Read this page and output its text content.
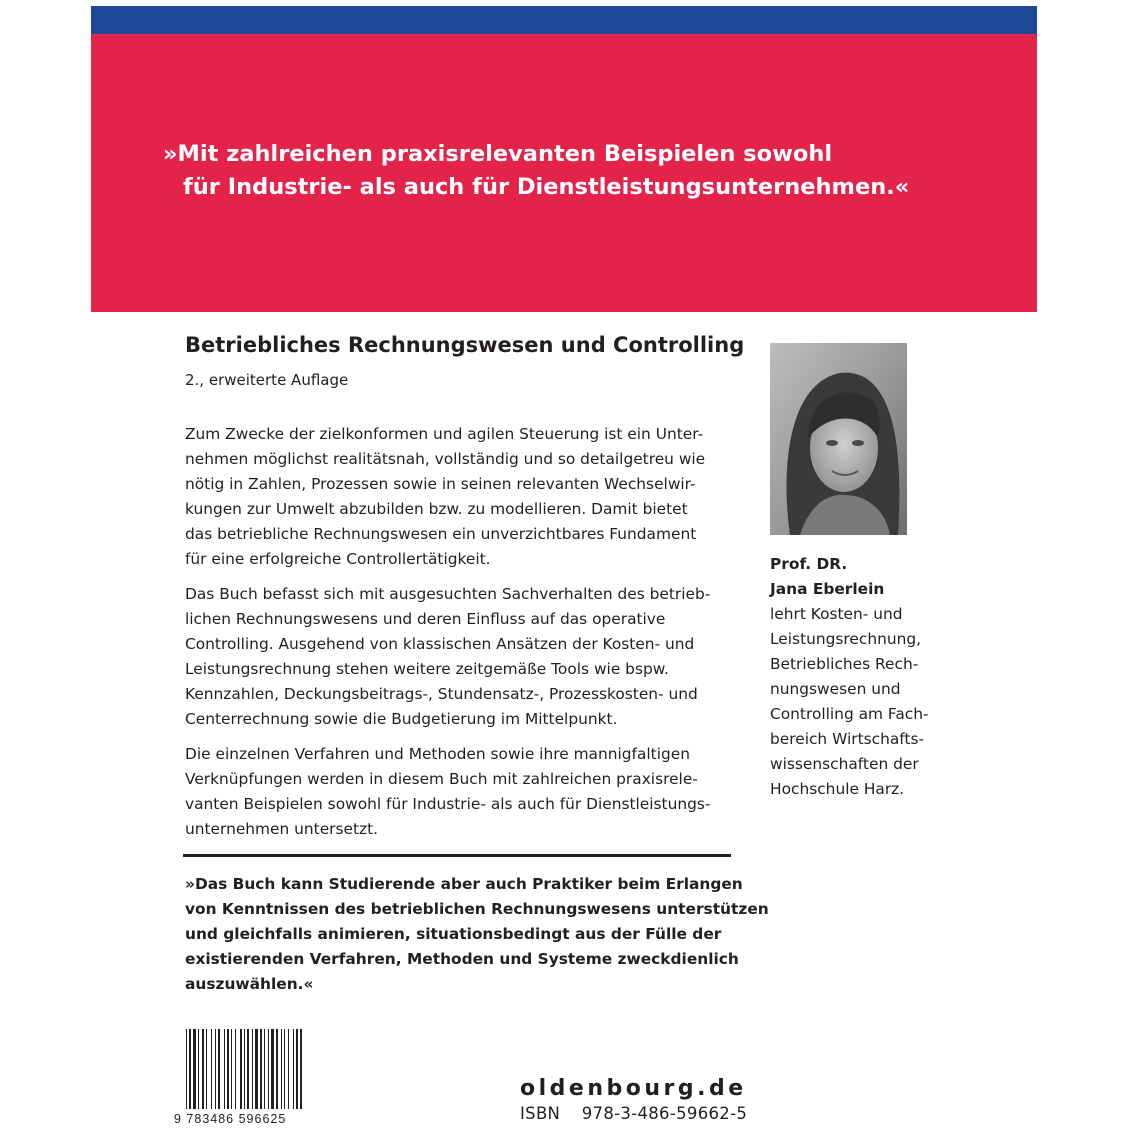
»Mit zahlreichen praxisrelevanten Beispielen sowohl
für Industrie- als auch für Dienstleistungsunternehmen.«
Betriebliches Rechnungswesen und Controlling
2., erweiterte Auflage

Zum Zwecke der zielkonformen und agilen Steuerung ist ein Unter-
nehmen möglichst realitätsnah, vollständig und so detailgetreu wie
nötig in Zahlen, Prozessen sowie in seinen relevanten Wechselwir-
kungen zur Umwelt abzubilden bzw. zu modellieren. Damit bietet
das betriebliche Rechnungswesen ein unverzichtbares Fundament
für eine erfolgreiche Controllertätigkeit.

Das Buch befasst sich mit ausgesuchten Sachverhalten des betrieb-
lichen Rechnungswesens und deren Einfluss auf das operative
Controlling. Ausgehend von klassischen Ansätzen der Kosten- und
Leistungsrechnung stehen weitere zeitgemäße Tools wie bspw.
Kennzahlen, Deckungsbeitrags-, Stundensatz-, Prozesskosten- und
Centerrechnung sowie die Budgetierung im Mittelpunkt.

Die einzelnen Verfahren und Methoden sowie ihre mannigfaltigen
Verknüpfungen werden in diesem Buch mit zahlreichen praxisrele-
vanten Beispielen sowohl für Industrie- als auch für Dienstleistungs-
unternehmen untersetzt.

»Das Buch kann Studierende aber auch Praktiker beim Erlangen
von Kenntnissen des betrieblichen Rechnungswesens unterstützen
und gleichfalls animieren, situationsbedingt aus der Fülle der
existierenden Verfahren, Methoden und Systeme zweckdienlich
auszuwählen.«
Prof. DR.
Jana Eberlein
lehrt Kosten- und
Leistungsrechnung,
Betriebliches Rech-
nungswesen und
Controlling am Fach-
bereich Wirtschafts-
wissenschaften der
Hochschule Harz.
9 783486 596625
oldenbourg.de
ISBN 978-3-486-59662-5
